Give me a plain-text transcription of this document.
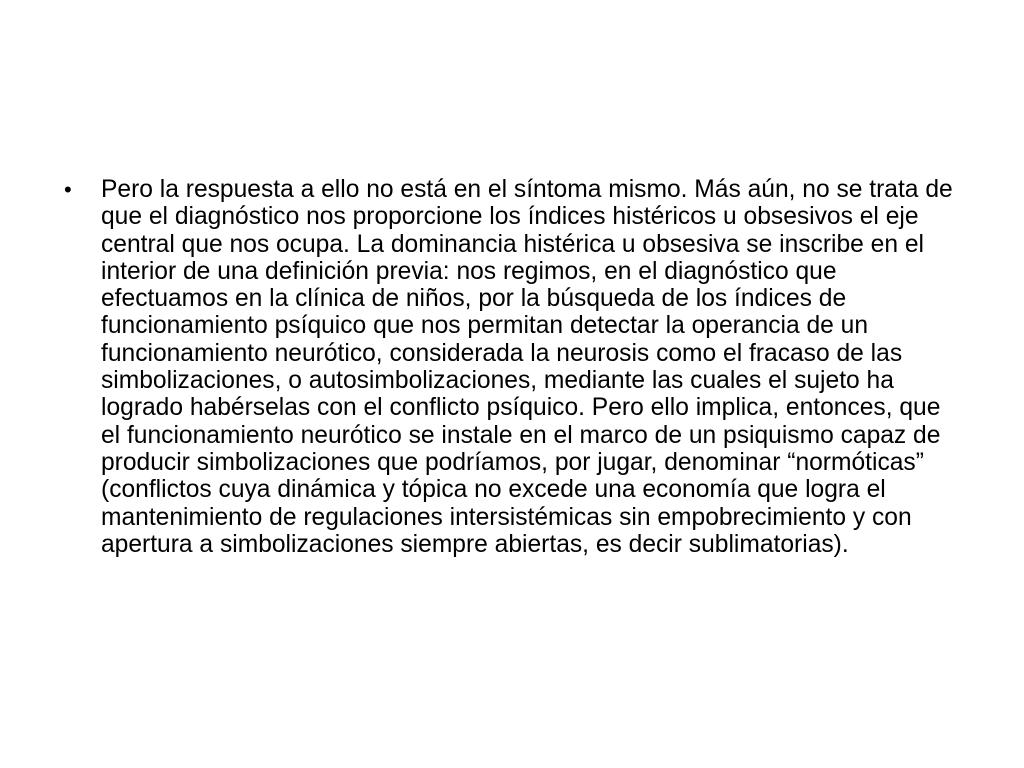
• Pero la respuesta a ello no está en el síntoma mismo. Más aún, no se trata de que el diagnóstico nos proporcione los índices histéricos u obsesivos el eje central que nos ocupa. La dominancia histérica u obsesiva se inscribe en el interior de una definición previa: nos regimos, en el diagnóstico que efectuamos en la clínica de niños, por la búsqueda de los índices de funcionamiento psíquico que nos permitan detectar la operancia de un funcionamiento neurótico, considerada la neurosis como el fracaso de las simbolizaciones, o autosimbolizaciones, mediante las cuales el sujeto ha logrado habérselas con el conflicto psíquico. Pero ello implica, entonces, que el funcionamiento neurótico se instale en el marco de un psiquismo capaz de producir simbolizaciones que podríamos, por jugar, denominar “normóticas” (conflictos cuya dinámica y tópica no excede una economía que logra el mantenimiento de regulaciones intersistémicas sin empobrecimiento y con apertura a simbolizaciones siempre abiertas, es decir sublimatorias).
